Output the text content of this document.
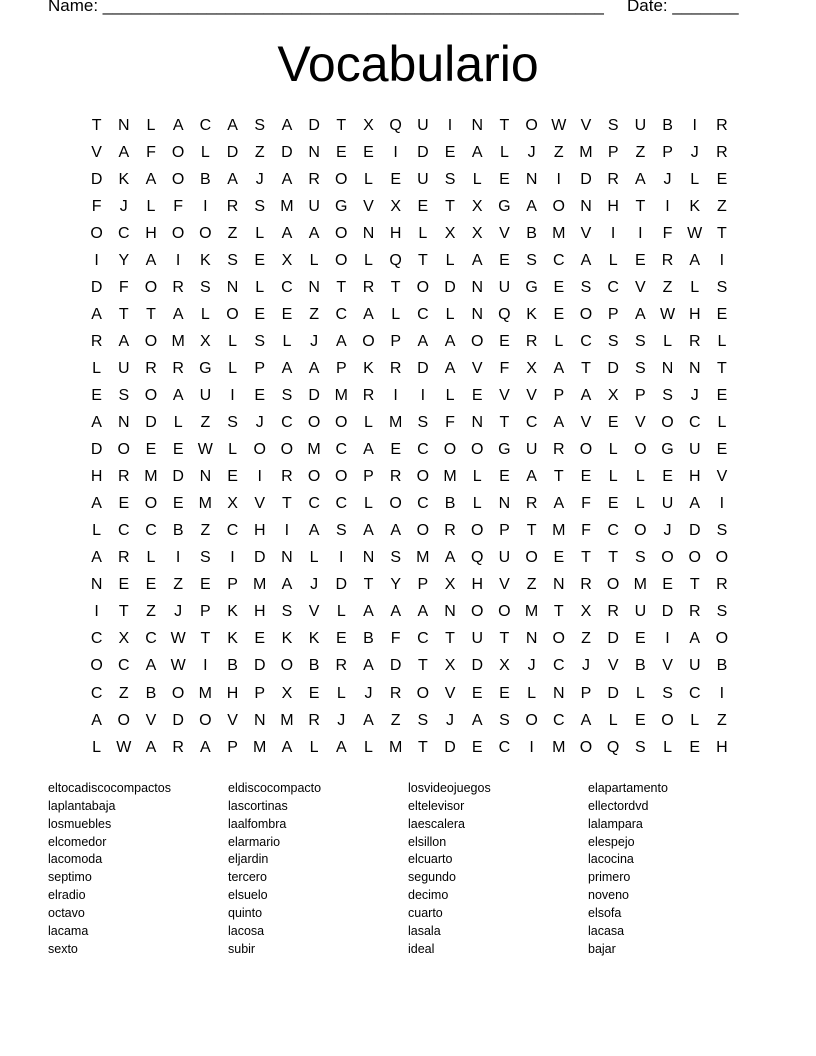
Name: _____________________________________________________ Date: _______
Vocabulario
T	N	L	A	C	A	S	A	D	T	X Q U	I	N	T	O W V	S	U	B	I	R
V	A	F	O	L	D	Z	D N	E	E	I	D	E	A	L	J	Z M P	Z	P	J	R
D	K	A O B	A	J	A	R O	L	E	U	S	L	E	N	I	D R	A	J	L	E
F	J	L	F	I	R	S M U G V	X	E	T	X G A O N H	T	I	K	Z
O C H O O	Z	L	A	A O N H	L	X	X	V	B M V	I	I	F W T
I	Y	A	I	K	S	E	X	L	O	L	Q	T	L	A	E	S	C	A	L	E	R	A	I
D	F	O R	S	N	L	C N	T	R	T	O D N U G E	S	C	V	Z	L	S
A	T	T	A	L	O E	E	Z	C	A	L	C	L	N Q K	E O P	A W H	E
R	A O M X	L	S	L	J	A O P	A	A O E	R	L	C	S	S	L	R	L
L	U R R G	L	P	A	A	P	K	R D	A	V	F	X	A	T	D	S	N N	T
E	S O A	U	I	E	S	D M R	I	I	L	E	V	V	P	A	X	P	S	J	E
A	N D	L	Z	S	J	C O O	L	M S	F	N	T	C	A	V	E	V O C	L
D O E	E W L	O O M C	A	E	C O O G U R O	L	O G U	E
H R M D N	E	I	R O O P	R O M	L	E	A	T	E	L	L	E	H	V
A	E O E M X	V	T	C C	L	O C	B	L	N R	A	F	E	L	U	A	I
L	C C	B	Z	C H	I	A	S	A	A O R O P	T M F	C O	J	D	S
A	R	L	I	S	I	D N	L	I	N	S M A Q U O E	T	T	S O O O
N	E	E	Z	E	P M A	J	D	T	Y	P	X	H	V	Z	N R O M E	T	R
I	T	Z	J	P	K	H	S	V	L	A	A	A	N O O M T	X	R U D R	S
C	X	C W T	K	E	K	K	E	B	F	C	T	U	T	N O	Z	D	E	I	A O
O C	A W	I	B	D O B	R	A	D	T	X	D	X	J	C	J	V	B	V	U	B
C	Z	B O M H	P	X	E	L	J	R O V	E	E	L	N	P	D	L	S	C	I
A O V	D O V	N M R	J	A	Z	S	J	A	S O C	A	L	E O	L	Z
L W A	R	A	P M A	L	A	L	M T	D	E	C	I	M O Q S	L	E	H
eltocadiscocompactos	eldiscocompacto	losvideojuegos	elapartamento
laplantabaja	lascortinas	eltelevisor	ellectordvd
losmuebles	laalfombra	laescalera	lalampara
elcomedor	elarmario	elsillon	elespejo
lacomoda	eljardin	elcuarto	lacocina
septimo	tercero	segundo	primero
elradio	elsuelo	decimo	noveno
octavo	quinto	cuarto	elsofa
lacama	lacosa	lasala	lacasa
sexto	subir	ideal	bajar
